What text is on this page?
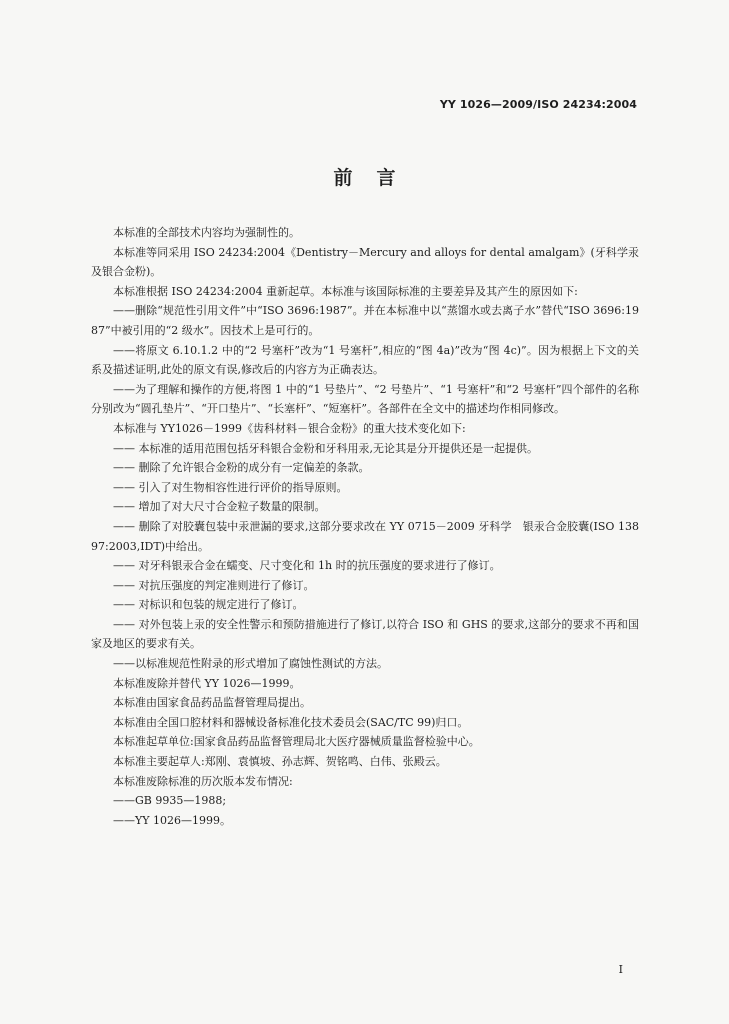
YY 1026—2009/ISO 24234:2004
前言

本标准的全部技术内容均为强制性的。

本标准等同采用 ISO 24234:2004《Dentistry－Mercury and alloys for dental amalgam》(牙科学汞及银合金粉)。

本标准根据 ISO 24234:2004 重新起草。本标准与该国际标准的主要差异及其产生的原因如下:

——删除“规范性引用文件”中“ISO 3696:1987”。并在本标准中以“蒸馏水或去离子水”替代“ISO 3696:1987”中被引用的“2 级水”。因技术上是可行的。

——将原文 6.10.1.2 中的“2 号塞杆”改为“1 号塞杆”,相应的“图 4a)”改为“图 4c)”。因为根据上下文的关系及描述证明,此处的原文有误,修改后的内容方为正确表达。

——为了理解和操作的方便,将图 1 中的“1 号垫片”、“2 号垫片”、“1 号塞杆”和“2 号塞杆”四个部件的名称分别改为“圆孔垫片”、“开口垫片”、“长塞杆”、“短塞杆”。各部件在全文中的描述均作相同修改。

本标准与 YY1026－1999《齿科材料－银合金粉》的重大技术变化如下:

—— 本标准的适用范围包括牙科银合金粉和牙科用汞,无论其是分开提供还是一起提供。

—— 删除了允许银合金粉的成分有一定偏差的条款。

—— 引入了对生物相容性进行评价的指导原则。

—— 增加了对大尺寸合金粒子数量的限制。

—— 删除了对胶囊包装中汞泄漏的要求,这部分要求改在 YY 0715－2009 牙科学　银汞合金胶囊(ISO 13897:2003,IDT)中给出。

—— 对牙科银汞合金在蠕变、尺寸变化和 1h 时的抗压强度的要求进行了修订。

—— 对抗压强度的判定准则进行了修订。

—— 对标识和包装的规定进行了修订。

—— 对外包装上汞的安全性警示和预防措施进行了修订,以符合 ISO 和 GHS 的要求,这部分的要求不再和国家及地区的要求有关。

——以标准规范性附录的形式增加了腐蚀性测试的方法。

本标准废除并替代 YY 1026—1999。

本标准由国家食品药品监督管理局提出。

本标准由全国口腔材料和器械设备标准化技术委员会(SAC/TC 99)归口。

本标准起草单位:国家食品药品监督管理局北大医疗器械质量监督检验中心。

本标准主要起草人:郑刚、袁慎坡、孙志辉、贺铭鸣、白伟、张殿云。

本标准废除标准的历次版本发布情况:

——GB 9935—1988;

——YY 1026—1999。

I
